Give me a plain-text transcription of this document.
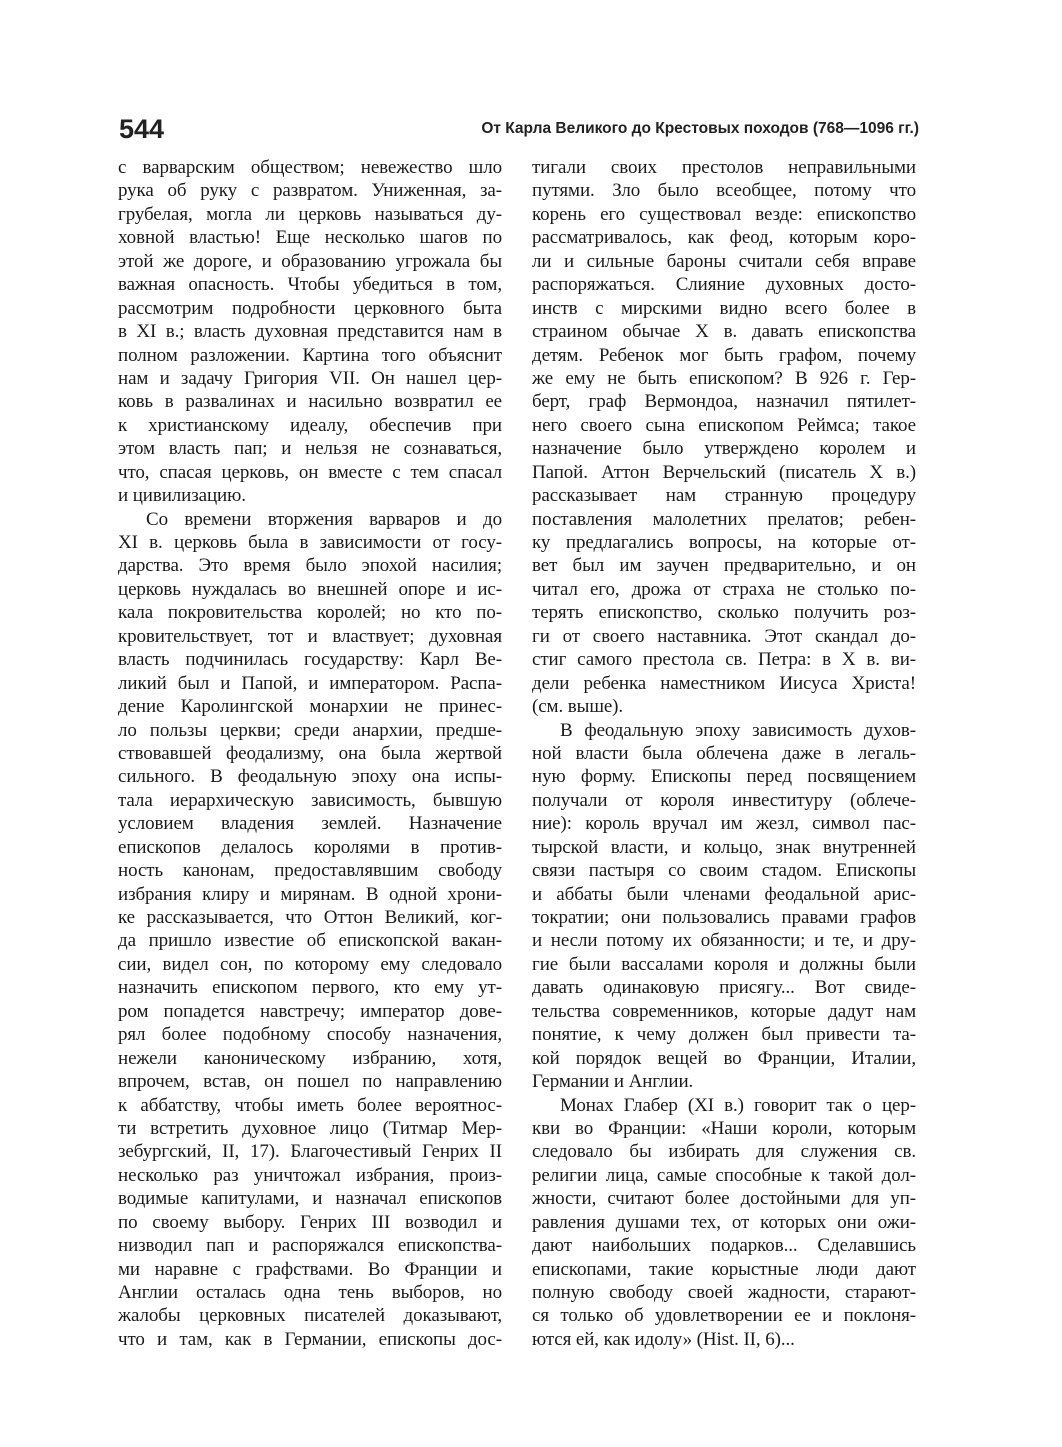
544	От Карла Великого до Крестовых походов (768—1096 гг.)
с варварским обществом; невежество шло
рука об руку с развратом. Униженная, за-
грубелая, могла ли церковь называться ду-
ховной властью! Еще несколько шагов по
этой же дороге, и образованию угрожала бы
важная опасность. Чтобы убедиться в том,
рассмотрим подробности церковного быта
в XI в.; власть духовная представится нам в
полном разложении. Картина того объяснит
нам и задачу Григория VII. Он нашел цер-
ковь в развалинах и насильно возвратил ее
к христианскому идеалу, обеспечив при
этом власть пап; и нельзя не сознаваться,
что, спасая церковь, он вместе с тем спасал
и цивилизацию.
Со времени вторжения варваров и до
XI в. церковь была в зависимости от госу-
дарства. Это время было эпохой насилия;
церковь нуждалась во внешней опоре и ис-
кала покровительства королей; но кто по-
кровительствует, тот и властвует; духовная
власть подчинилась государству: Карл Ве-
ликий был и Папой, и императором. Распа-
дение Каролингской монархии не принес-
ло пользы церкви; среди анархии, предше-
ствовавшей феодализму, она была жертвой
сильного. В феодальную эпоху она испы-
тала иерархическую зависимость, бывшую
условием владения землей. Назначение
епископов делалось королями в против-
ность канонам, предоставлявшим свободу
избрания клиру и мирянам. В одной хрони-
ке рассказывается, что Оттон Великий, ког-
да пришло известие об епископской вакан-
сии, видел сон, по которому ему следовало
назначить епископом первого, кто ему ут-
ром попадется навстречу; император дове-
рял более подобному способу назначения,
нежели каноническому избранию, хотя,
впрочем, встав, он пошел по направлению
к аббатству, чтобы иметь более вероятнос-
ти встретить духовное лицо (Титмар Мер-
зебургский, II, 17). Благочестивый Генрих II
несколько раз уничтожал избрания, произ-
водимые капитулами, и назначал епископов
по своему выбору. Генрих III возводил и
низводил пап и распоряжался епископства-
ми наравне с графствами. Во Франции и
Англии осталась одна тень выборов, но
жалобы церковных писателей доказывают,
что и там, как в Германии, епископы дос-
тигали своих престолов неправильными
путями. Зло было всеобщее, потому что
корень его существовал везде: епископство
рассматривалось, как феод, которым коро-
ли и сильные бароны считали себя вправе
распоряжаться. Слияние духовных досто-
инств с мирскими видно всего более в
страином обычае X в. давать епископства
детям. Ребенок мог быть графом, почему
же ему не быть епископом? В 926 г. Гер-
берт, граф Вермондоа, назначил пятилет-
него своего сына епископом Реймса; такое
назначение было утверждено королем и
Папой. Аттон Верчельский (писатель X в.)
рассказывает нам странную процедуру
поставления малолетних прелатов; ребен-
ку предлагались вопросы, на которые от-
вет был им заучен предварительно, и он
читал его, дрожа от страха не столько по-
терять епископство, сколько получить роз-
ги от своего наставника. Этот скандал до-
стиг самого престола св. Петра: в X в. ви-
дели ребенка наместником Иисуса Христа!
(см. выше).
В феодальную эпоху зависимость духов-
ной власти была облечена даже в легаль-
ную форму. Епископы перед посвящением
получали от короля инвеституру (облече-
ние): король вручал им жезл, символ пас-
тырской власти, и кольцо, знак внутренней
связи пастыря со своим стадом. Епископы
и аббаты были членами феодальной арис-
тократии; они пользовались правами графов
и несли потому их обязанности; и те, и дру-
гие были вассалами короля и должны были
давать одинаковую присягу... Вот свиде-
тельства современников, которые дадут нам
понятие, к чему должен был привести та-
кой порядок вещей во Франции, Италии,
Германии и Англии.
Монах Глабер (XI в.) говорит так о цер-
кви во Франции: «Наши короли, которым
следовало бы избирать для служения св.
религии лица, самые способные к такой дол-
жности, считают более достойными для уп-
равления душами тех, от которых они ожи-
дают наибольших подарков... Сделавшись
епископами, такие корыстные люди дают
полную свободу своей жадности, старают-
ся только об удовлетворении ее и поклоня-
ются ей, как идолу» (Hist. II, 6)...
